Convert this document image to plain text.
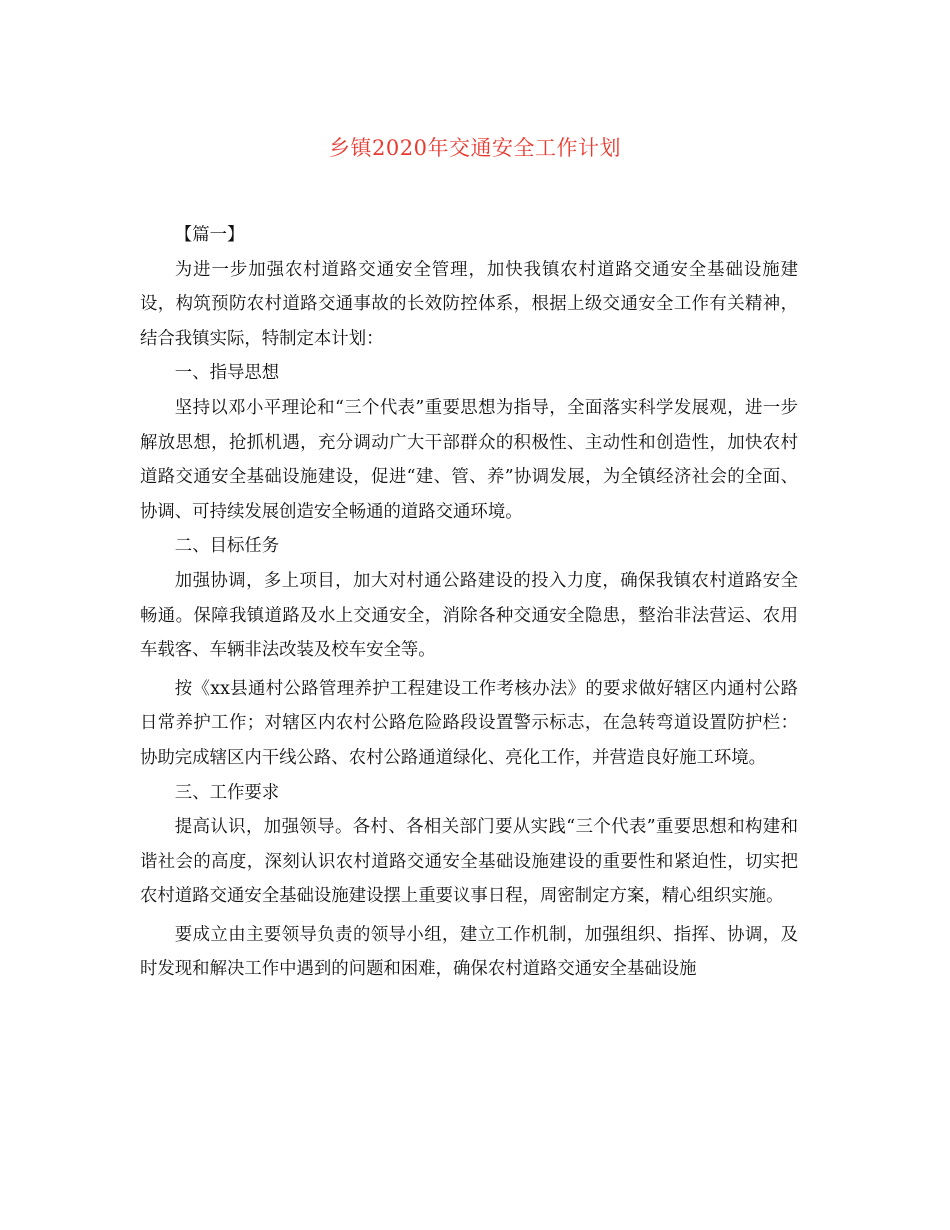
乡镇2020年交通安全工作计划

【篇一】

为进一步加强农村道路交通安全管理，加快我镇农村道路交通安全基础设施建设，构筑预防农村道路交通事故的长效防控体系，根据上级交通安全工作有关精神，结合我镇实际，特制定本计划：

一、指导思想

坚持以邓小平理论和“三个代表”重要思想为指导，全面落实科学发展观，进一步解放思想，抢抓机遇，充分调动广大干部群众的积极性、主动性和创造性，加快农村道路交通安全基础设施建设，促进“建、管、养”协调发展，为全镇经济社会的全面、协调、可持续发展创造安全畅通的道路交通环境。

二、目标任务

加强协调，多上项目，加大对村通公路建设的投入力度，确保我镇农村道路安全畅通。保障我镇道路及水上交通安全，消除各种交通安全隐患，整治非法营运、农用车载客、车辆非法改装及校车安全等。

按《xx县通村公路管理养护工程建设工作考核办法》的要求做好辖区内通村公路日常养护工作；对辖区内农村公路危险路段设置警示标志，在急转弯道设置防护栏：协助完成辖区内干线公路、农村公路通道绿化、亮化工作，并营造良好施工环境。

三、工作要求

提高认识，加强领导。各村、各相关部门要从实践“三个代表”重要思想和构建和谐社会的高度，深刻认识农村道路交通安全基础设施建设的重要性和紧迫性，切实把农村道路交通安全基础设施建设摆上重要议事日程，周密制定方案，精心组织实施。

要成立由主要领导负责的领导小组，建立工作机制，加强组织、指挥、协调，及时发现和解决工作中遇到的问题和困难，确保农村道路交通安全基础设施
